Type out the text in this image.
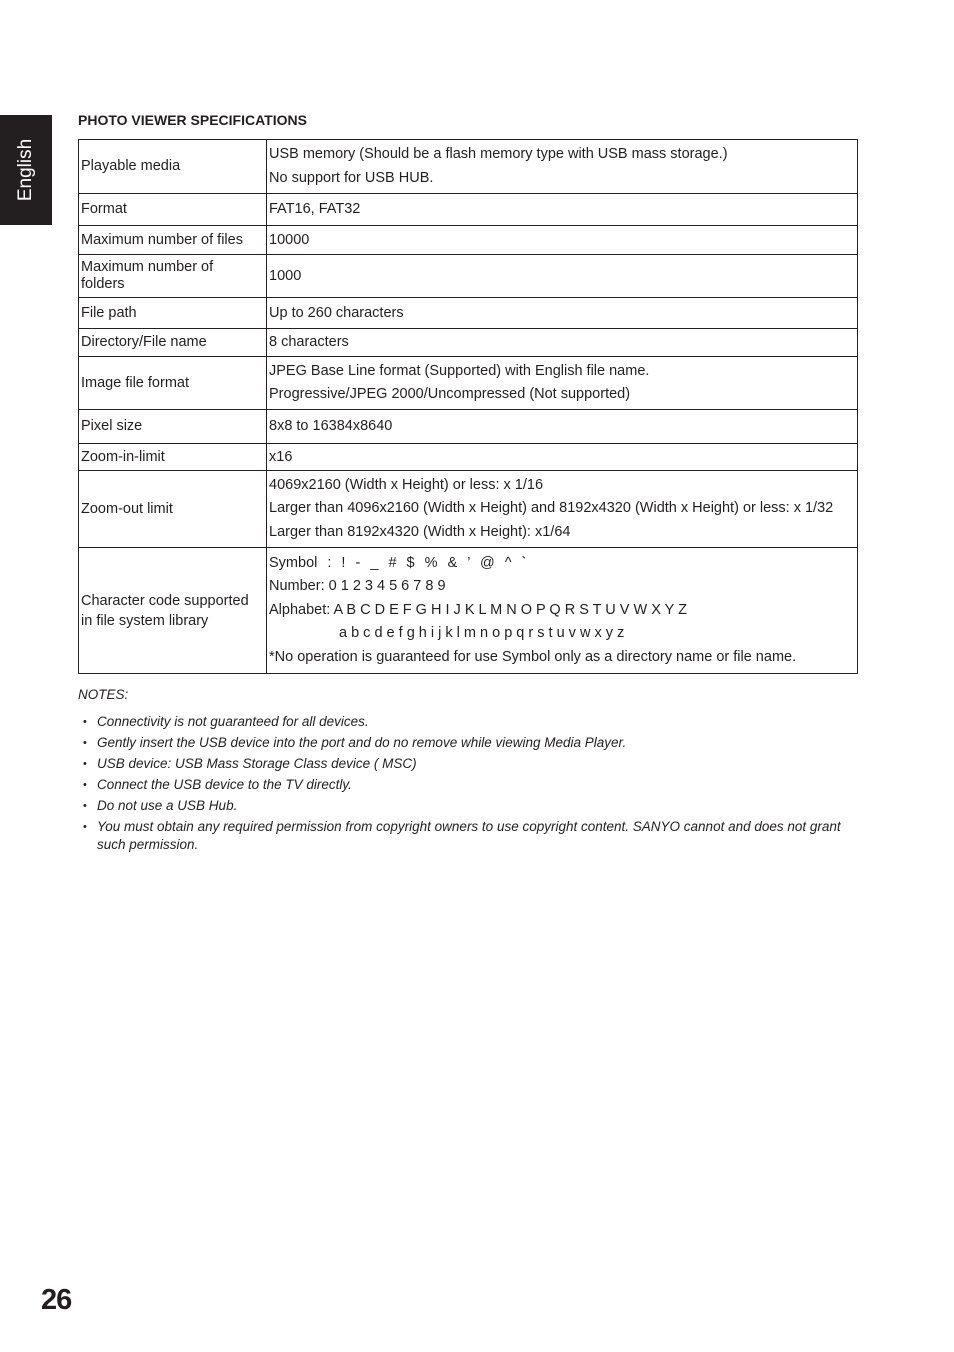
English
PHOTO VIEWER SPECIFICATIONS
Playable media	USB memory (Should be a flash memory type with USB mass storage.)
No support for USB HUB.

Format	FAT16, FAT32
Maximum number of files	10000

Maximum number of
folders	1000
File path	Up to 260 characters
Directory/File name	8 characters
Image file format	JPEG Base Line format (Supported) with English file name.
Progressive/JPEG 2000/Uncompressed (Not supported)

Pixel size	8x8 to 16384x8640
Zoom-in-limit	x16
Zoom-out limit	4069x2160 (Width x Height) or less: x 1/16
Larger than 4096x2160 (Width x Height) and 8192x4320 (Width x Height) or less: x 1/32
Larger than 8192x4320 (Width x Height): x1/64

Character code supported
in file system library	Symbol : ! - _ # $ % & ’ @ ^ `
Number: 0 1 2 3 4 5 6 7 8 9
Alphabet: A B C D E F G H I J K L M N O P Q R S T U V W X Y Z
a b c d e f g h i j k l m n o p q r s t u v w x y z
*No operation is guaranteed for use Symbol only as a directory name or file name.
NOTES:
• Connectivity is not guaranteed for all devices.
• Gently insert the USB device into the port and do no remove while viewing Media Player.
• USB device: USB Mass Storage Class device ( MSC)
• Connect the USB device to the TV directly.
• Do not use a USB Hub.
• You must obtain any required permission from copyright owners to use copyright content. SANYO cannot and does not grant such permission.
26
